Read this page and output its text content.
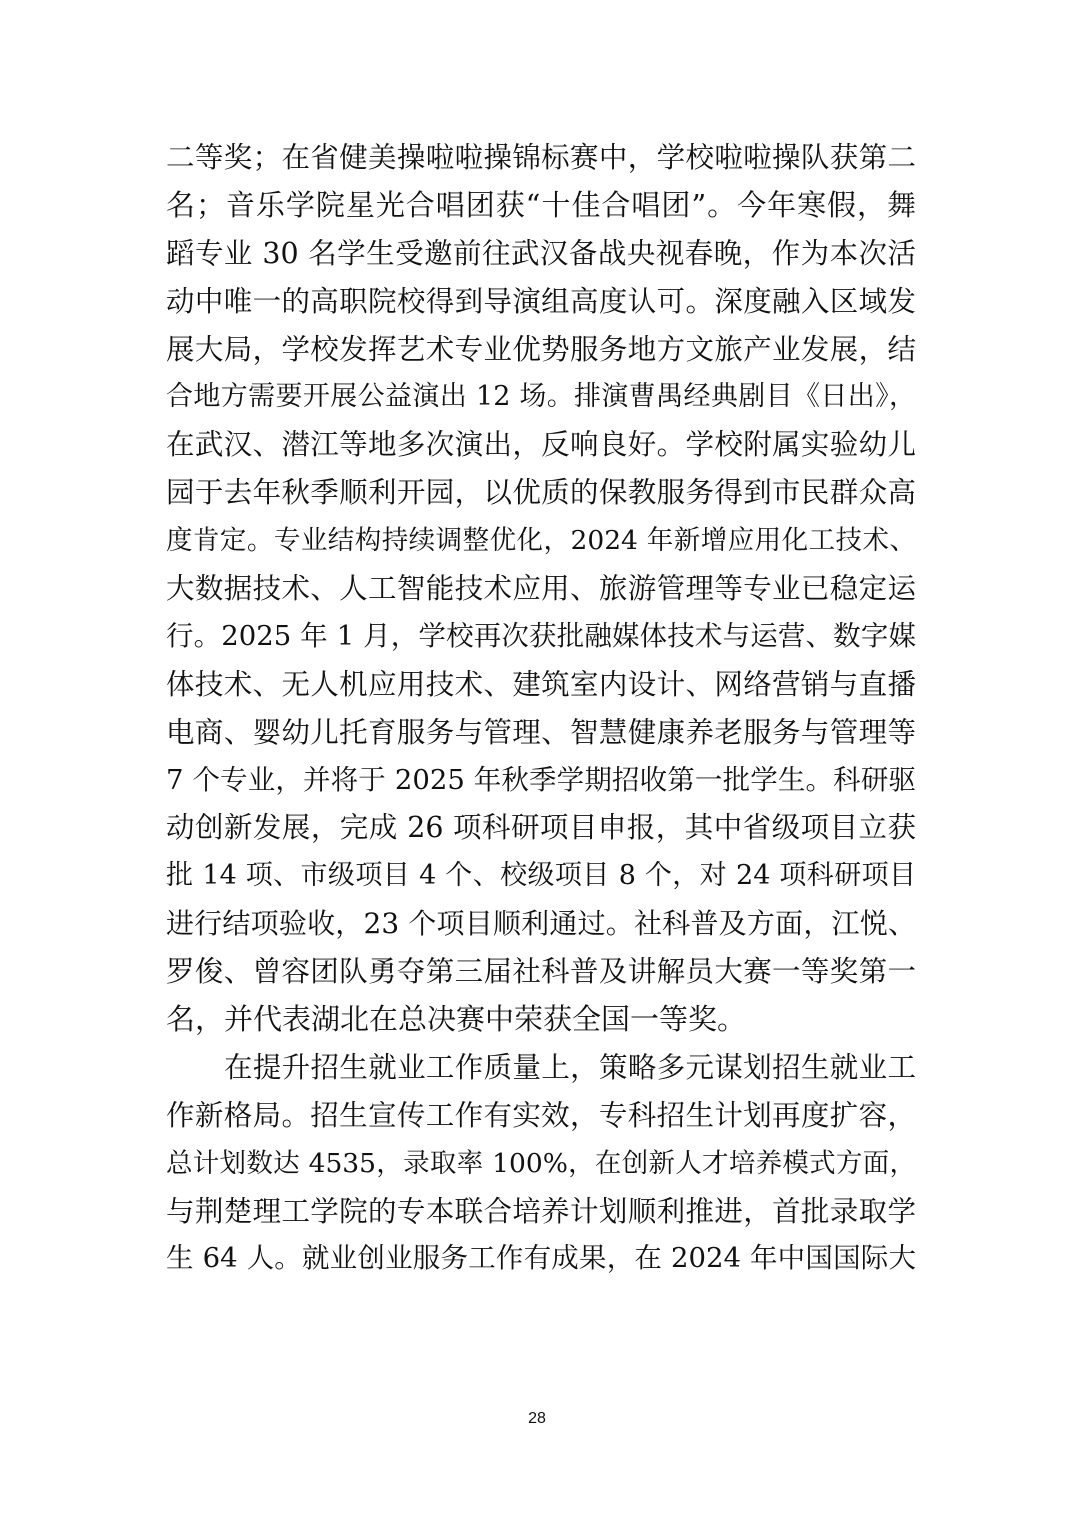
二等奖；在省健美操啦啦操锦标赛中，学校啦啦操队获第二
名；音乐学院星光合唱团获“十佳合唱团”。今年寒假，舞
蹈专业 30 名学生受邀前往武汉备战央视春晚，作为本次活
动中唯一的高职院校得到导演组高度认可。深度融入区域发
展大局，学校发挥艺术专业优势服务地方文旅产业发展，结
合地方需要开展公益演出 12 场。排演曹禺经典剧目《日出》，
在武汉、潜江等地多次演出，反响良好。学校附属实验幼儿
园于去年秋季顺利开园，以优质的保教服务得到市民群众高
度肯定。专业结构持续调整优化，2024 年新增应用化工技术、
大数据技术、人工智能技术应用、旅游管理等专业已稳定运
行。2025 年 1 月，学校再次获批融媒体技术与运营、数字媒
体技术、无人机应用技术、建筑室内设计、网络营销与直播
电商、婴幼儿托育服务与管理、智慧健康养老服务与管理等
7 个专业，并将于 2025 年秋季学期招收第一批学生。科研驱
动创新发展，完成 26 项科研项目申报，其中省级项目立获
批 14 项、市级项目 4 个、校级项目 8 个，对 24 项科研项目
进行结项验收，23 个项目顺利通过。社科普及方面，江悦、
罗俊、曾容团队勇夺第三届社科普及讲解员大赛一等奖第一
名，并代表湖北在总决赛中荣获全国一等奖。
在提升招生就业工作质量上，策略多元谋划招生就业工
作新格局。招生宣传工作有实效，专科招生计划再度扩容，
总计划数达 4535，录取率 100%，在创新人才培养模式方面，
与荆楚理工学院的专本联合培养计划顺利推进，首批录取学
生 64 人。就业创业服务工作有成果，在 2024 年中国国际大
28
